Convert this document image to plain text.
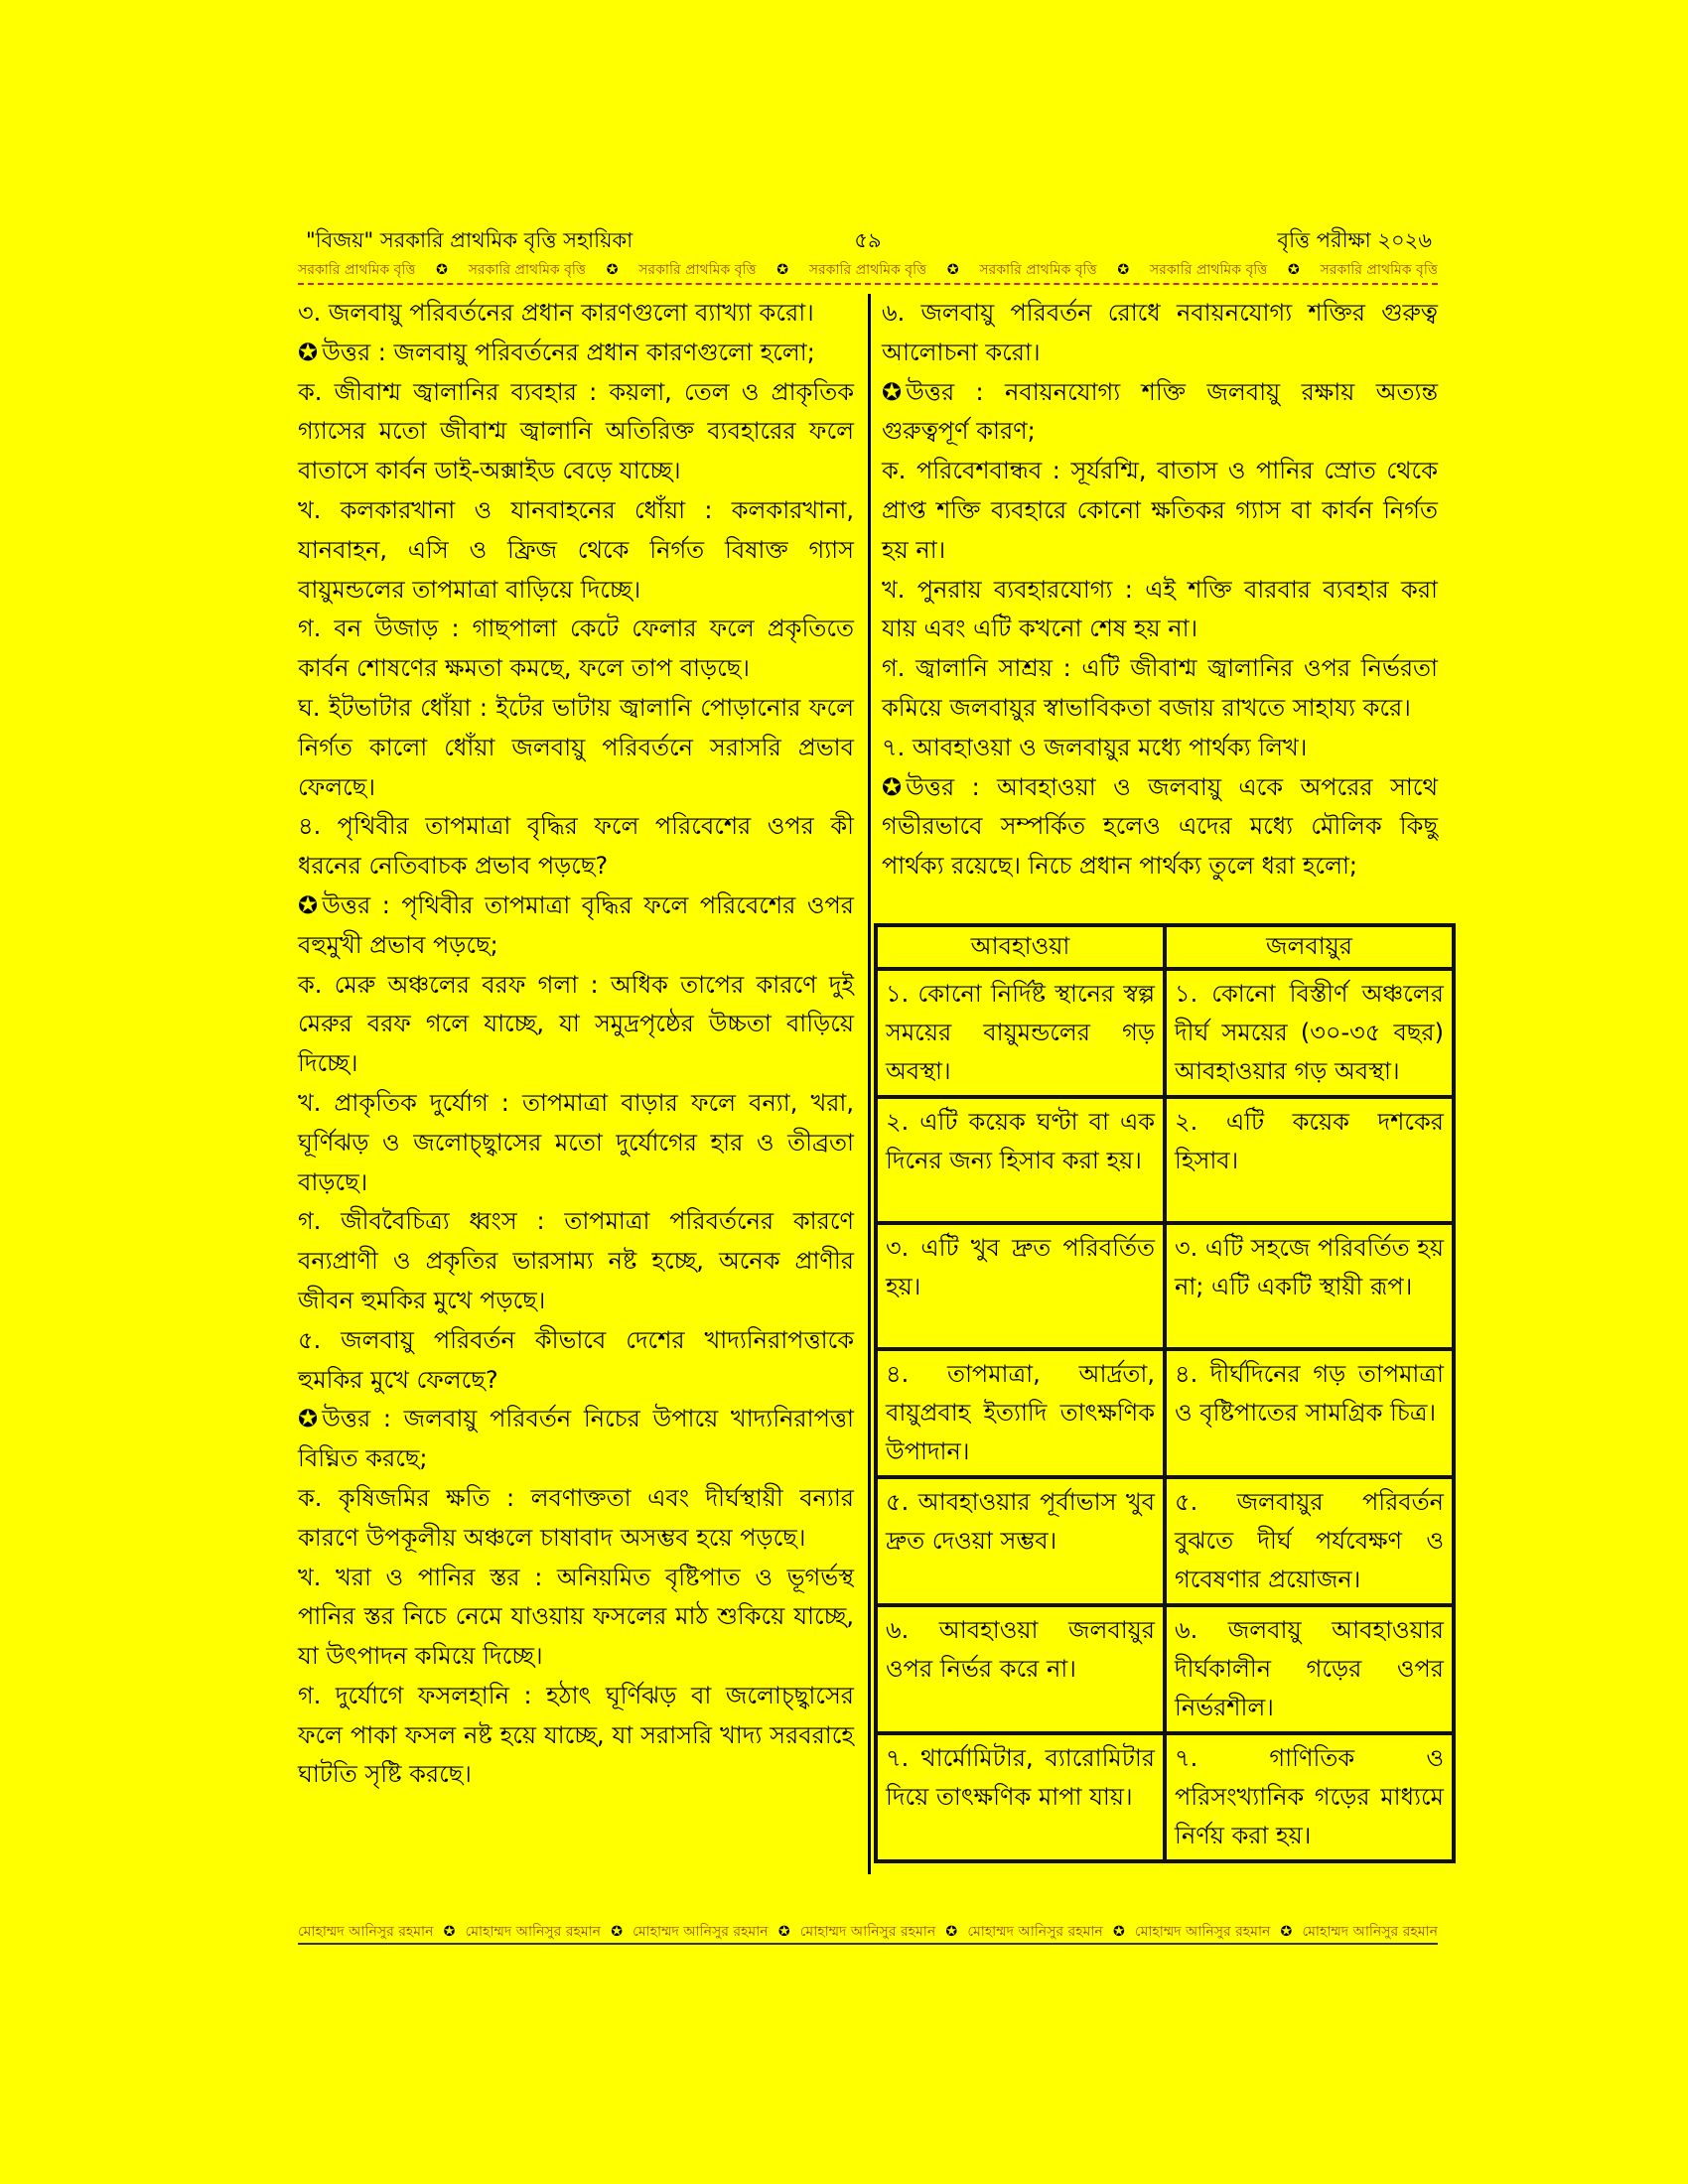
"বিজয়" সরকারি প্রাথমিক বৃত্তি সহায়িকা	৫৯	বৃত্তি পরীক্ষা ২০২৬
সরকারি প্রাথমিক বৃত্তি ✪ সরকারি প্রাথমিক বৃত্তি ✪ সরকারি প্রাথমিক বৃত্তি ✪ সরকারি প্রাথমিক বৃত্তি ✪ সরকারি প্রাথমিক বৃত্তি ✪ সরকারি প্রাথমিক বৃত্তি ✪ সরকারি প্রাথমিক বৃত্তি

৩. জলবায়ু পরিবর্তনের প্রধান কারণগুলো ব্যাখ্যা করো।

✪ উত্তর : জলবায়ু পরিবর্তনের প্রধান কারণগুলো হলো;

ক. জীবাশ্ম জ্বালানির ব্যবহার : কয়লা, তেল ও প্রাকৃতিক গ্যাসের মতো জীবাশ্ম জ্বালানি অতিরিক্ত ব্যবহারের ফলে বাতাসে কার্বন ডাই-অক্সাইড বেড়ে যাচ্ছে।

খ. কলকারখানা ও যানবাহনের ধোঁয়া : কলকারখানা, যানবাহন, এসি ও ফ্রিজ থেকে নির্গত বিষাক্ত গ্যাস বায়ুমন্ডলের তাপমাত্রা বাড়িয়ে দিচ্ছে।

গ. বন উজাড় : গাছপালা কেটে ফেলার ফলে প্রকৃতিতে কার্বন শোষণের ক্ষমতা কমছে, ফলে তাপ বাড়ছে।

ঘ. ইটভাটার ধোঁয়া : ইটের ভাটায় জ্বালানি পোড়ানোর ফলে নির্গত কালো ধোঁয়া জলবায়ু পরিবর্তনে সরাসরি প্রভাব ফেলছে।

৪. পৃথিবীর তাপমাত্রা বৃদ্ধির ফলে পরিবেশের ওপর কী ধরনের নেতিবাচক প্রভাব পড়ছে?

✪ উত্তর : পৃথিবীর তাপমাত্রা বৃদ্ধির ফলে পরিবেশের ওপর বহুমুখী প্রভাব পড়ছে;

ক. মেরু অঞ্চলের বরফ গলা : অধিক তাপের কারণে দুই মেরুর বরফ গলে যাচ্ছে, যা সমুদ্রপৃষ্ঠের উচ্চতা বাড়িয়ে দিচ্ছে।

খ. প্রাকৃতিক দুর্যোগ : তাপমাত্রা বাড়ার ফলে বন্যা, খরা, ঘূর্ণিঝড় ও জলোচ্ছ্বাসের মতো দুর্যোগের হার ও তীব্রতা বাড়ছে।

গ. জীববৈচিত্র্য ধ্বংস : তাপমাত্রা পরিবর্তনের কারণে বন্যপ্রাণী ও প্রকৃতির ভারসাম্য নষ্ট হচ্ছে, অনেক প্রাণীর জীবন হুমকির মুখে পড়ছে।

৫. জলবায়ু পরিবর্তন কীভাবে দেশের খাদ্যনিরাপত্তাকে হুমকির মুখে ফেলছে?

✪ উত্তর : জলবায়ু পরিবর্তন নিচের উপায়ে খাদ্যনিরাপত্তা বিঘ্নিত করছে;

ক. কৃষিজমির ক্ষতি : লবণাক্ততা এবং দীর্ঘস্থায়ী বন্যার কারণে উপকূলীয় অঞ্চলে চাষাবাদ অসম্ভব হয়ে পড়ছে।

খ. খরা ও পানির স্তর : অনিয়মিত বৃষ্টিপাত ও ভূগর্ভস্থ পানির স্তর নিচে নেমে যাওয়ায় ফসলের মাঠ শুকিয়ে যাচ্ছে, যা উৎপাদন কমিয়ে দিচ্ছে।

গ. দুর্যোগে ফসলহানি : হঠাৎ ঘূর্ণিঝড় বা জলোচ্ছ্বাসের ফলে পাকা ফসল নষ্ট হয়ে যাচ্ছে, যা সরাসরি খাদ্য সরবরাহে ঘাটতি সৃষ্টি করছে।

৬. জলবায়ু পরিবর্তন রোধে নবায়নযোগ্য শক্তির গুরুত্ব আলোচনা করো।

✪ উত্তর : নবায়নযোগ্য শক্তি জলবায়ু রক্ষায় অত্যন্ত গুরুত্বপূর্ণ কারণ;

ক. পরিবেশবান্ধব : সূর্যরশ্মি, বাতাস ও পানির স্রোত থেকে প্রাপ্ত শক্তি ব্যবহারে কোনো ক্ষতিকর গ্যাস বা কার্বন নির্গত হয় না।

খ. পুনরায় ব্যবহারযোগ্য : এই শক্তি বারবার ব্যবহার করা যায় এবং এটি কখনো শেষ হয় না।

গ. জ্বালানি সাশ্রয় : এটি জীবাশ্ম জ্বালানির ওপর নির্ভরতা কমিয়ে জলবায়ুর স্বাভাবিকতা বজায় রাখতে সাহায্য করে।

৭. আবহাওয়া ও জলবায়ুর মধ্যে পার্থক্য লিখ।

✪ উত্তর : আবহাওয়া ও জলবায়ু একে অপরের সাথে গভীরভাবে সম্পর্কিত হলেও এদের মধ্যে মৌলিক কিছু পার্থক্য রয়েছে। নিচে প্রধান পার্থক্য তুলে ধরা হলো;

আবহাওয়া	জলবায়ুর
১. কোনো নির্দিষ্ট স্থানের স্বল্প সময়ের বায়ুমন্ডলের গড় অবস্থা।	১. কোনো বিস্তীর্ণ অঞ্চলের দীর্ঘ সময়ের (৩০-৩৫ বছর) আবহাওয়ার গড় অবস্থা।
২. এটি কয়েক ঘণ্টা বা এক দিনের জন্য হিসাব করা হয়।	২. এটি কয়েক দশকের হিসাব।
৩. এটি খুব দ্রুত পরিবর্তিত হয়।	৩. এটি সহজে পরিবর্তিত হয় না; এটি একটি স্থায়ী রূপ।
৪. তাপমাত্রা, আর্দ্রতা, বায়ুপ্রবাহ ইত্যাদি তাৎক্ষণিক উপাদান।	৪. দীর্ঘদিনের গড় তাপমাত্রা ও বৃষ্টিপাতের সামগ্রিক চিত্র।
৫. আবহাওয়ার পূর্বাভাস খুব দ্রুত দেওয়া সম্ভব।	৫. জলবায়ুর পরিবর্তন বুঝতে দীর্ঘ পর্যবেক্ষণ ও গবেষণার প্রয়োজন।
৬. আবহাওয়া জলবায়ুর ওপর নির্ভর করে না।	৬. জলবায়ু আবহাওয়ার দীর্ঘকালীন গড়ের ওপর নির্ভরশীল।
৭. থার্মোমিটার, ব্যারোমিটার দিয়ে তাৎক্ষণিক মাপা যায়।	৭. গাণিতিক ও পরিসংখ্যানিক গড়ের মাধ্যমে নির্ণয় করা হয়।
মোহাম্মদ আনিসুর রহমান ✪ মোহাম্মদ আনিসুর রহমান ✪ মোহাম্মদ আনিসুর রহমান ✪ মোহাম্মদ আনিসুর রহমান ✪ মোহাম্মদ আনিসুর রহমান ✪ মোহাম্মদ আনিসুর রহমান ✪ মোহাম্মদ আনিসুর রহমান
